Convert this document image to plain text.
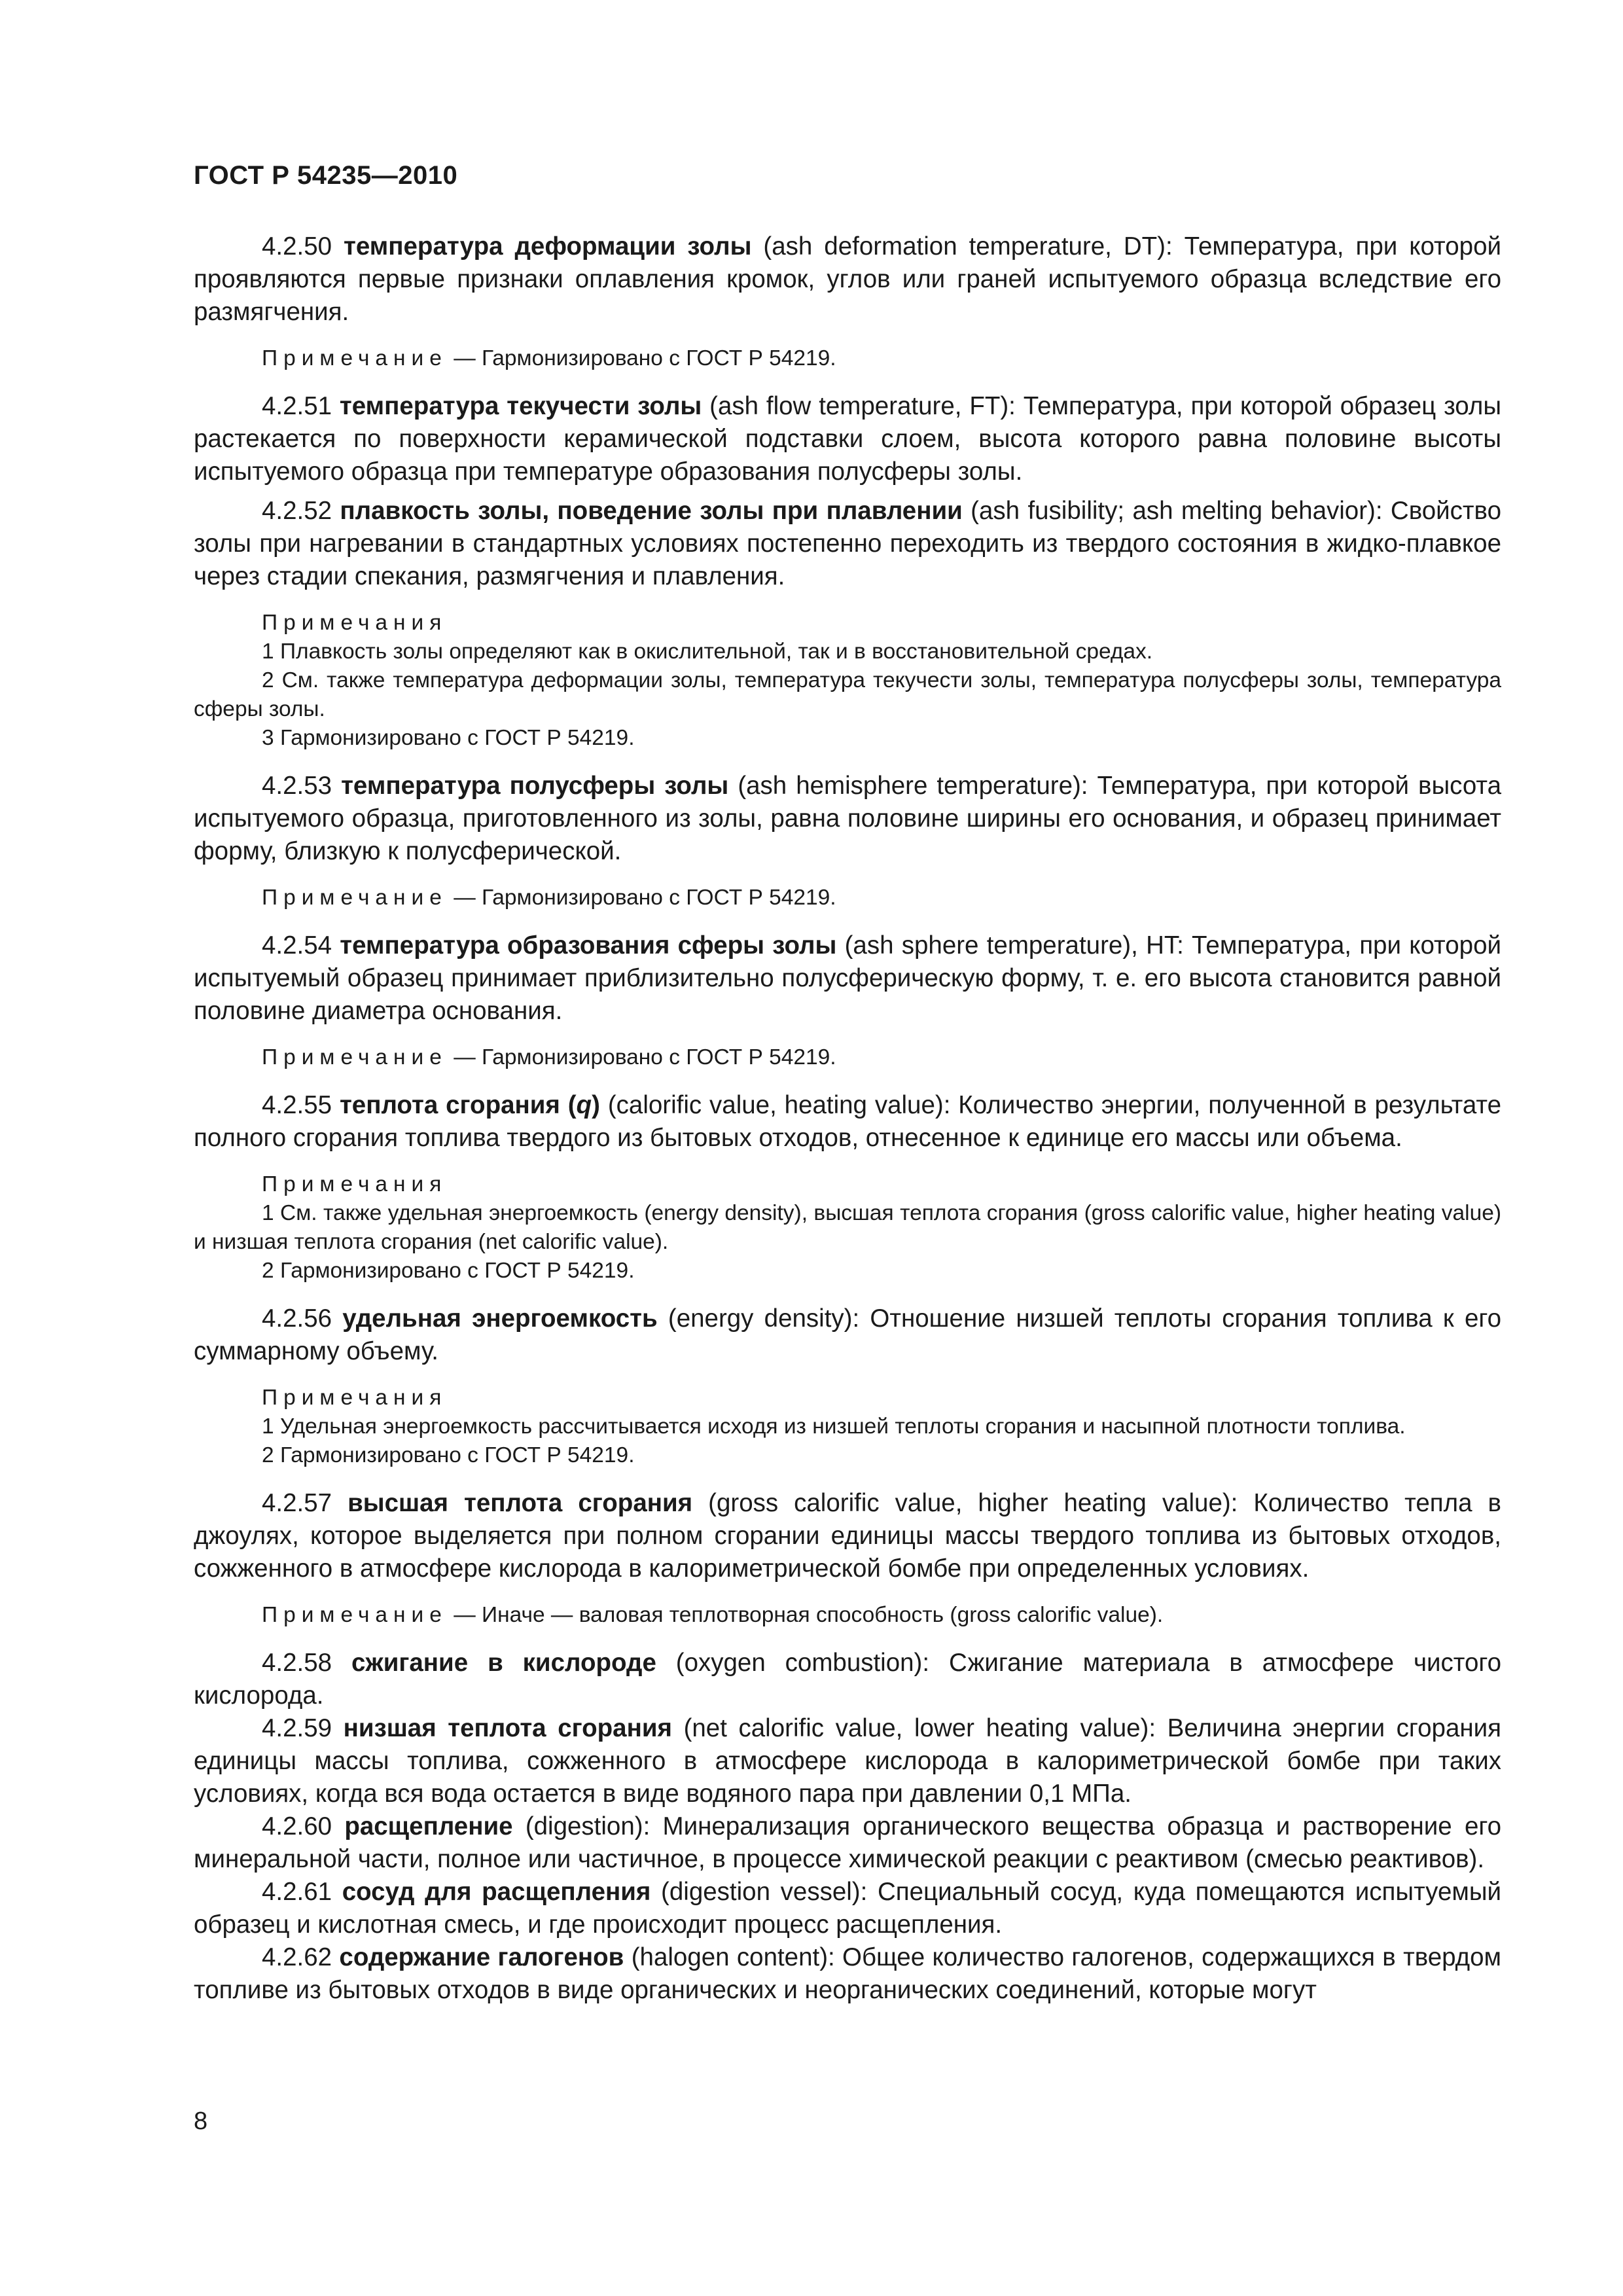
ГОСТ Р 54235—2010

4.2.50 температура деформации золы (ash deformation temperature, DT): Температура, при которой проявляются первые признаки оплавления кромок, углов или граней испытуемого образца вследствие его размягчения.

Примечание — Гармонизировано с ГОСТ Р 54219.

4.2.51 температура текучести золы (ash flow temperature, FT): Температура, при которой образец золы растекается по поверхности керамической подставки слоем, высота которого равна половине высоты испытуемого образца при температуре образования полусферы золы.

4.2.52 плавкость золы, поведение золы при плавлении (ash fusibility; ash melting behavior): Свойство золы при нагревании в стандартных условиях постепенно переходить из твердого состояния в жидко-плавкое через стадии спекания, размягчения и плавления.

Примечания

1 Плавкость золы определяют как в окислительной, так и в восстановительной средах.

2 См. также температура деформации золы, температура текучести золы, температура полусферы золы, температура сферы золы.

3 Гармонизировано с ГОСТ Р 54219.

4.2.53 температура полусферы золы (ash hemisphere temperature): Температура, при которой высота испытуемого образца, приготовленного из золы, равна половине ширины его основания, и образец принимает форму, близкую к полусферической.

Примечание — Гармонизировано с ГОСТ Р 54219.

4.2.54 температура образования сферы золы (ash sphere temperature), HT: Температура, при которой испытуемый образец принимает приблизительно полусферическую форму, т. е. его высота становится равной половине диаметра основания.

Примечание — Гармонизировано с ГОСТ Р 54219.

4.2.55 теплота сгорания (q) (calorific value, heating value): Количество энергии, полученной в результате полного сгорания топлива твердого из бытовых отходов, отнесенное к единице его массы или объема.

Примечания

1 См. также удельная энергоемкость (energy density), высшая теплота сгорания (gross calorific value, higher heating value) и низшая теплота сгорания (net calorific value).

2 Гармонизировано с ГОСТ Р 54219.

4.2.56 удельная энергоемкость (energy density): Отношение низшей теплоты сгорания топлива к его суммарному объему.

Примечания

1 Удельная энергоемкость рассчитывается исходя из низшей теплоты сгорания и насыпной плотности топлива.

2 Гармонизировано с ГОСТ Р 54219.

4.2.57 высшая теплота сгорания (gross calorific value, higher heating value): Количество тепла в джоулях, которое выделяется при полном сгорании единицы массы твердого топлива из бытовых отходов, сожженного в атмосфере кислорода в калориметрической бомбе при определенных условиях.

Примечание — Иначе — валовая теплотворная способность (gross calorific value).

4.2.58 сжигание в кислороде (oxygen combustion): Сжигание материала в атмосфере чистого кислорода.

4.2.59 низшая теплота сгорания (net calorific value, lower heating value): Величина энергии сгорания единицы массы топлива, сожженного в атмосфере кислорода в калориметрической бомбе при таких условиях, когда вся вода остается в виде водяного пара при давлении 0,1 МПа.

4.2.60 расщепление (digestion): Минерализация органического вещества образца и растворение его минеральной части, полное или частичное, в процессе химической реакции с реактивом (смесью реактивов).

4.2.61 сосуд для расщепления (digestion vessel): Специальный сосуд, куда помещаются испытуемый образец и кислотная смесь, и где происходит процесс расщепления.

4.2.62 содержание галогенов (halogen content): Общее количество галогенов, содержащихся в твердом топливе из бытовых отходов в виде органических и неорганических соединений, которые могут

8
